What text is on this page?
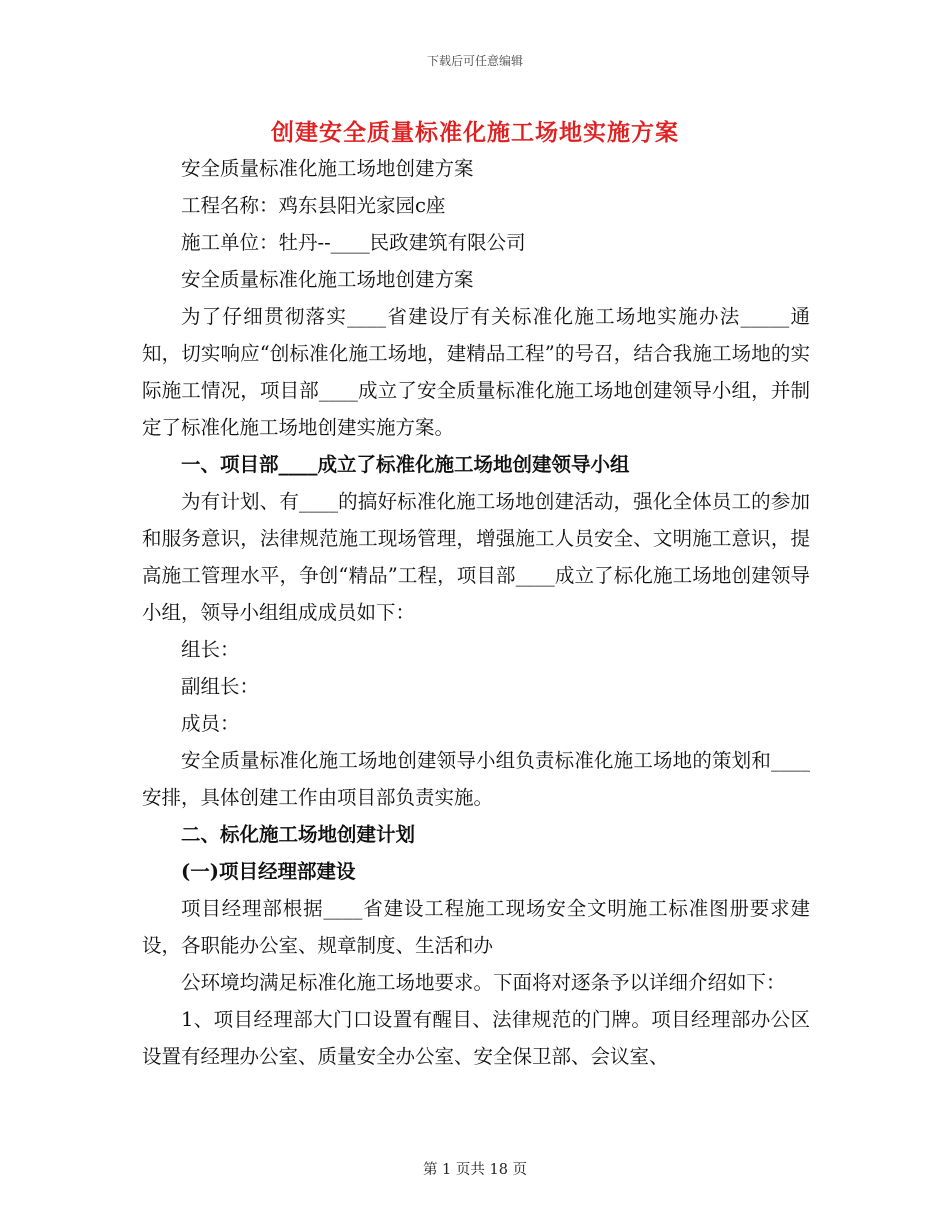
下载后可任意编辑
创建安全质量标准化施工场地实施方案

安全质量标准化施工场地创建方案

工程名称：鸡东县阳光家园c座

施工单位：牡丹--____民政建筑有限公司

安全质量标准化施工场地创建方案

为了仔细贯彻落实____省建设厅有关标准化施工场地实施办法_____通知，切实响应“创标准化施工场地，建精品工程”的号召，结合我施工场地的实际施工情况，项目部____成立了安全质量标准化施工场地创建领导小组，并制定了标准化施工场地创建实施方案。

一、项目部____成立了标准化施工场地创建领导小组

为有计划、有____的搞好标准化施工场地创建活动，强化全体员工的参加和服务意识，法律规范施工现场管理，增强施工人员安全、文明施工意识，提高施工管理水平，争创“精品”工程，项目部____成立了标化施工场地创建领导小组，领导小组组成成员如下：

组长：

副组长：

成员：

安全质量标准化施工场地创建领导小组负责标准化施工场地的策划和____安排，具体创建工作由项目部负责实施。

二、标化施工场地创建计划

(一)项目经理部建设

项目经理部根据____省建设工程施工现场安全文明施工标准图册要求建设，各职能办公室、规章制度、生活和办

公环境均满足标准化施工场地要求。下面将对逐条予以详细介绍如下：

1、项目经理部大门口设置有醒目、法律规范的门牌。项目经理部办公区设置有经理办公室、质量安全办公室、安全保卫部、会议室、

第 1 页共 18 页
